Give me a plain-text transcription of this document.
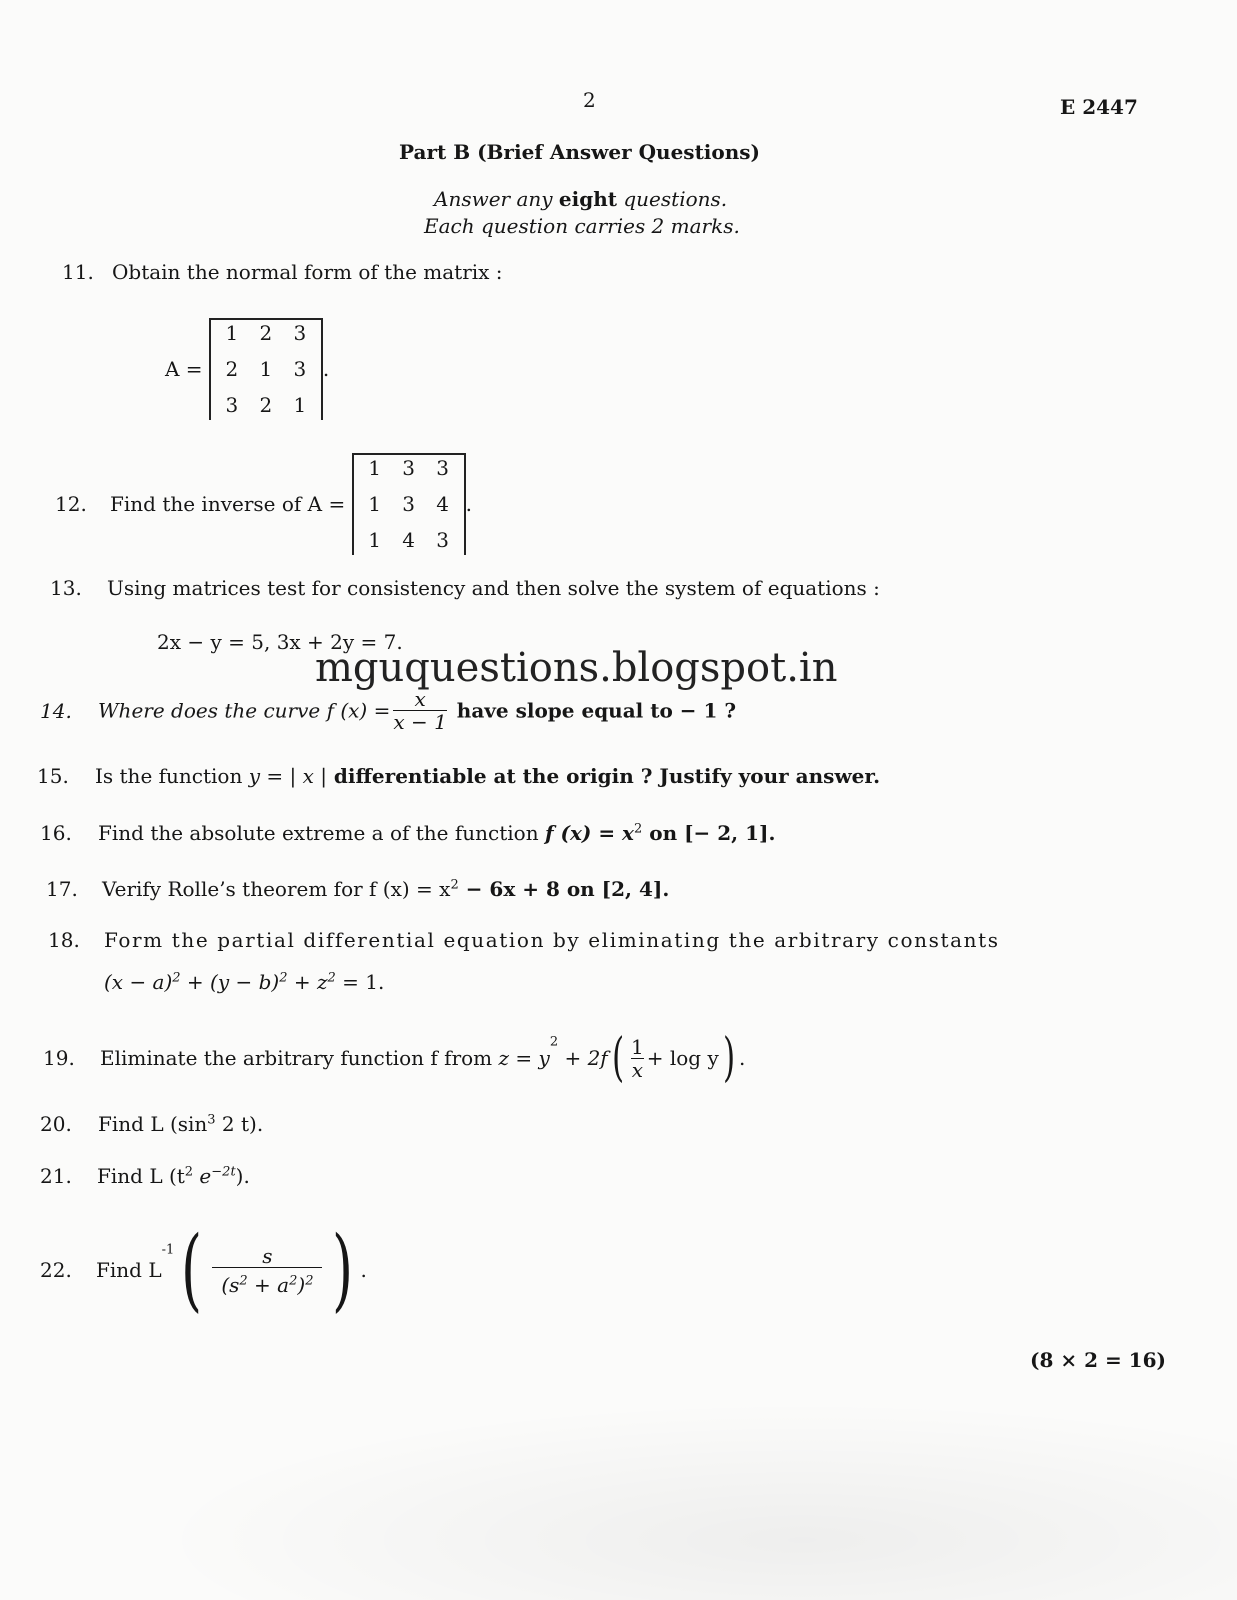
2	E 2447
Part B (Brief Answer Questions)
Answer any eight questions.
Each question carries 2 marks.
11. Obtain the normal form of the matrix :
A =
1	2	3
2	1	3
3	2	1
.
12. Find the inverse of A =
1	3	3
1	3	4
1	4	3
.
13. Using matrices test for consistency and then solve the system of equations :
2x − y = 5, 3x + 2y = 7.
mguquestions.blogspot.in
14. Where does the curve f $(x) = \frac{x}{x - 1}$ have slope equal to − 1 ?
15. Is the function y = | x | differentiable at the origin ? Justify your answer.
16. Find the absolute extreme a of the function f $(x) = x^2$ on [− 2, 1].
17. Verify Rolle’s theorem for f $(x) = x^2 - 6x + 8$ on [2, 4].
18. Form the partial differential equation by eliminating the arbitrary constants
$(x - a)^2 + (y - b)^2 + z^2 = 1$.
19. Eliminate the arbitrary function f from $z = y^2 + 2f( \frac{1}{x} + \log y)$ .
20. Find L ($\sin^3$ 2 t).
21. Find L ($t^2$ $e^{-2t}$).
22. Find $L^{-1}( \frac{s}{(s^2 + a^2)^2}$ ) .
(8 × 2 = 16)
